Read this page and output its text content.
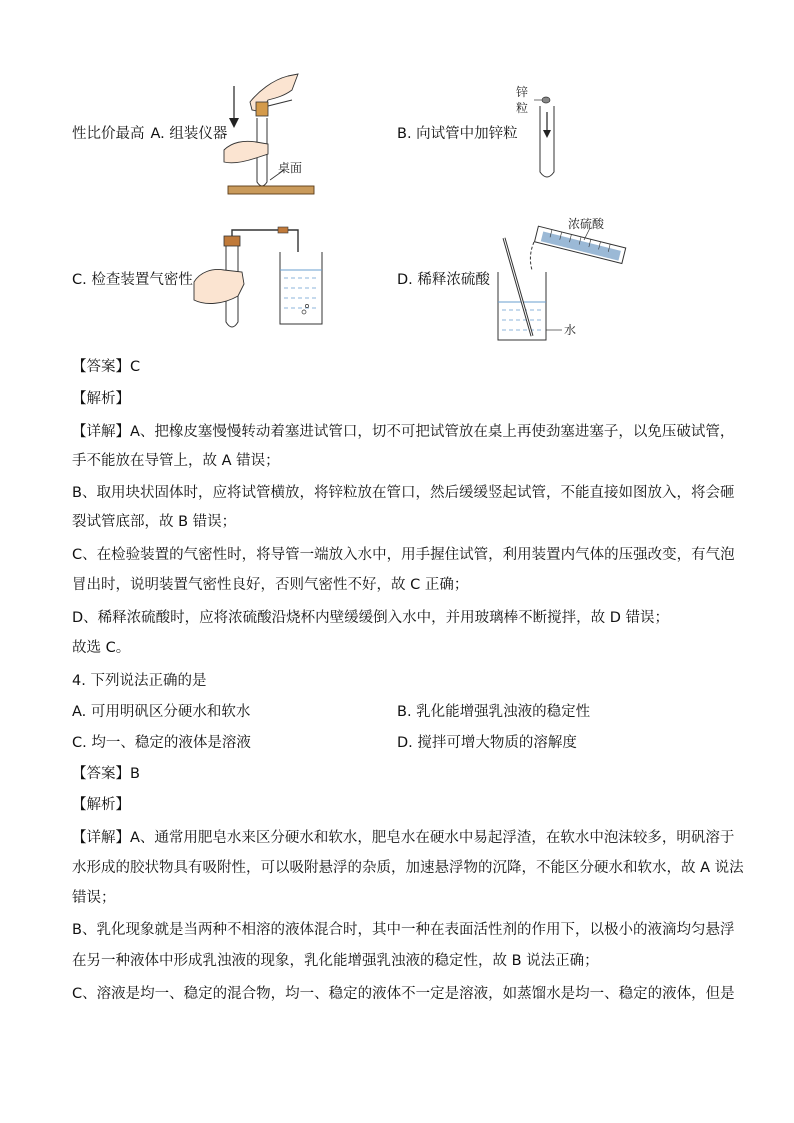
性比价最高 A. 组装仪器
桌面
B. 向试管中加锌粒
锌
粒
C. 检查装置气密性	D. 稀释浓硫酸
浓硫酸
水
【答案】C
【解析】
【详解】A、把橡皮塞慢慢转动着塞进试管口，切不可把试管放在桌上再使劲塞进塞子，以免压破试管，
手不能放在导管上，故 A 错误；
B、取用块状固体时，应将试管横放，将锌粒放在管口，然后缓缓竖起试管，不能直接如图放入，将会砸
裂试管底部，故 B 错误；
C、在检验装置的气密性时，将导管一端放入水中，用手握住试管，利用装置内气体的压强改变，有气泡
冒出时，说明装置气密性良好，否则气密性不好，故 C 正确；
D、稀释浓硫酸时，应将浓硫酸沿烧杯内壁缓缓倒入水中，并用玻璃棒不断搅拌，故 D 错误；
故选 C。
4. 下列说法正确的是
A. 可用明矾区分硬水和软水	B. 乳化能增强乳浊液的稳定性
C. 均一、稳定的液体是溶液	D. 搅拌可增大物质的溶解度
【答案】B
【解析】
【详解】A、通常用肥皂水来区分硬水和软水，肥皂水在硬水中易起浮渣，在软水中泡沫较多，明矾溶于
水形成的胶状物具有吸附性，可以吸附悬浮的杂质，加速悬浮物的沉降，不能区分硬水和软水，故 A 说法
错误；
B、乳化现象就是当两种不相溶的液体混合时，其中一种在表面活性剂的作用下，以极小的液滴均匀悬浮
在另一种液体中形成乳浊液的现象，乳化能增强乳浊液的稳定性，故 B 说法正确；
C、溶液是均一、稳定的混合物，均一、稳定的液体不一定是溶液，如蒸馏水是均一、稳定的液体，但是
